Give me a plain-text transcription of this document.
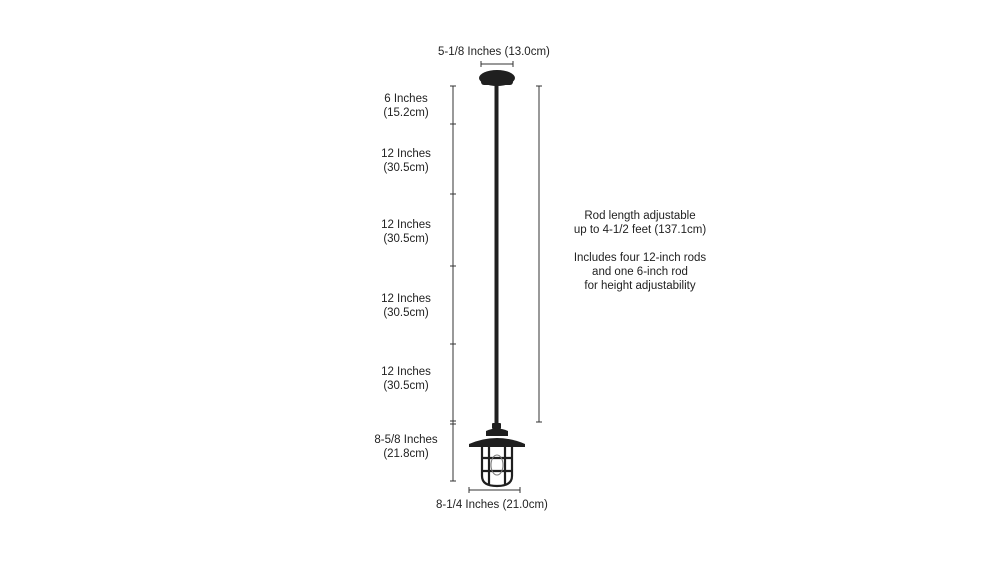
5-1/8 Inches (13.0cm)
6 Inches
(15.2cm)
12 Inches
(30.5cm)
12 Inches
(30.5cm)
12 Inches
(30.5cm)
12 Inches
(30.5cm)
8-5/8 Inches
(21.8cm)
8-1/4 Inches (21.0cm)
Rod length adjustable
up to 4-1/2 feet (137.1cm)
Includes four 12-inch rods
and one 6-inch rod
for height adjustability
